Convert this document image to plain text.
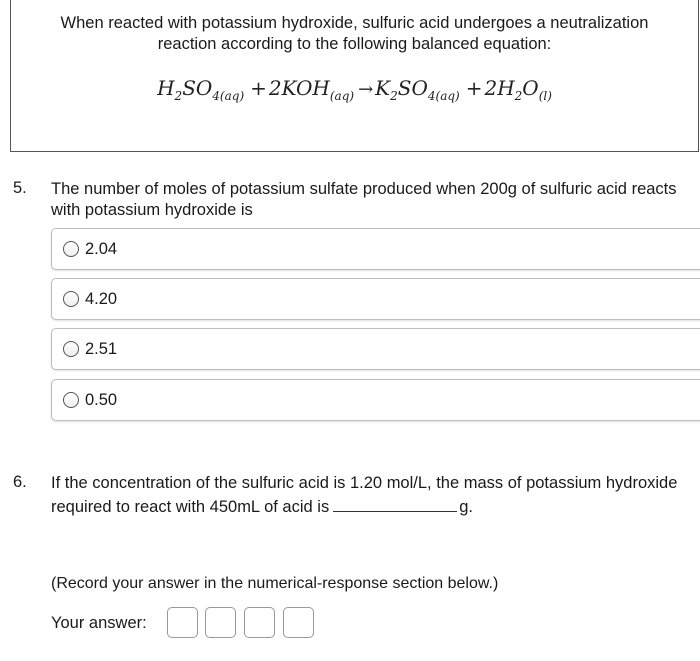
When reacted with potassium hydroxide, sulfuric acid undergoes a neutralization
reaction according to the following balanced equation:
$H_2SO_{4(aq)} + 2KOH_{(aq)} \to K_2SO_{4(aq)} + 2H_2O_{(l)}$
5. The number of moles of potassium sulfate produced when 200g of sulfuric acid reacts with potassium hydroxide is
2.04
4.20
2.51
0.50
6. If the concentration of the sulfuric acid is 1.20 mol/L, the mass of potassium hydroxide required to react with 450mL of acid is	g.
(Record your answer in the numerical-response section below.)
Your answer:
